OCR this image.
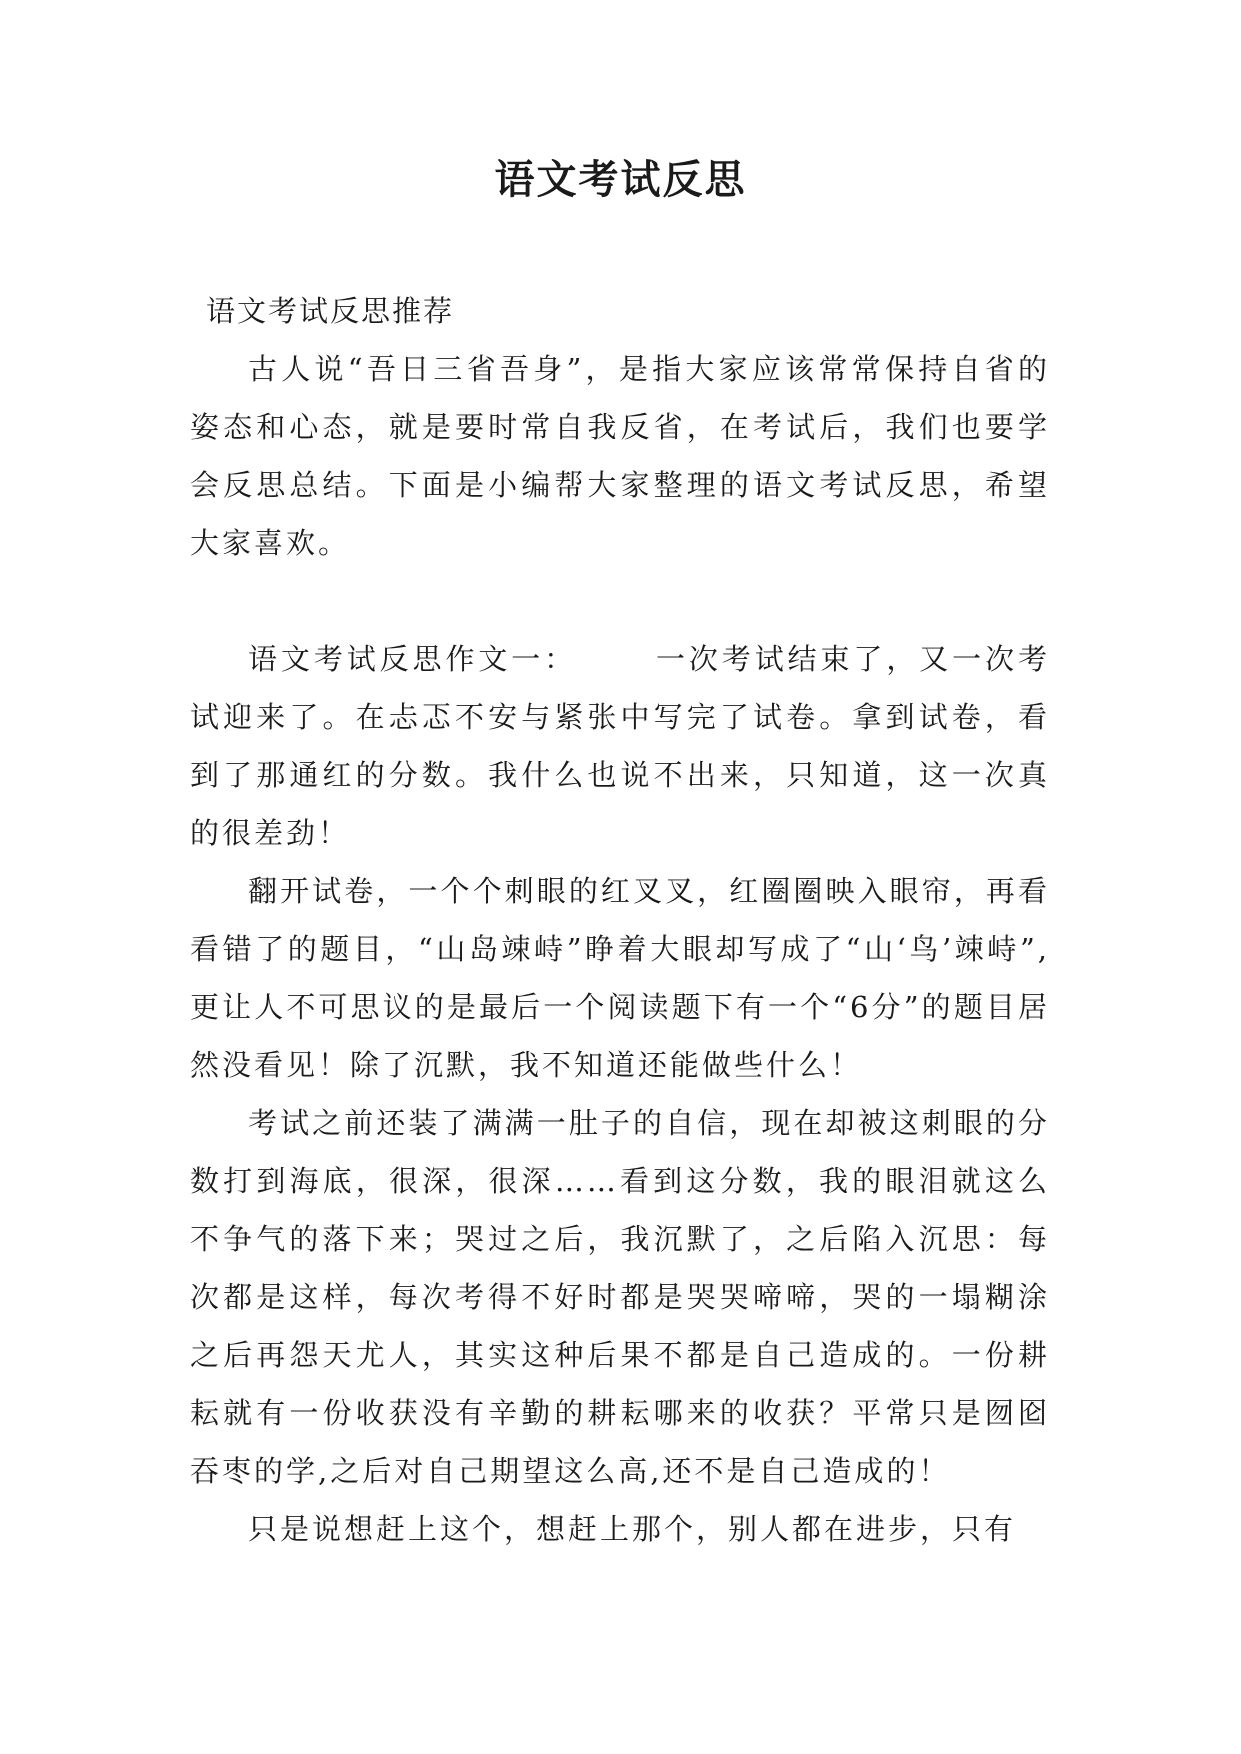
语文考试反思

语文考试反思推荐

古人说“吾日三省吾身”，是指大家应该常常保持自省的姿态和心态，就是要时常自我反省，在考试后，我们也要学会反思总结。下面是小编帮大家整理的语文考试反思，希望大家喜欢。

语文考试反思作文一：	一次考试结束了，又一次考试迎来了。在忐忑不安与紧张中写完了试卷。拿到试卷，看到了那通红的分数。我什么也说不出来，只知道，这一次真的很差劲！

翻开试卷，一个个刺眼的红叉叉，红圈圈映入眼帘，再看看错了的题目，“山岛竦峙”睁着大眼却写成了“山‘鸟’竦峙”,更让人不可思议的是最后一个阅读题下有一个“6分”的题目居然没看见！除了沉默，我不知道还能做些什么！

考试之前还装了满满一肚子的自信，现在却被这刺眼的分数打到海底，很深，很深……看到这分数，我的眼泪就这么不争气的落下来；哭过之后，我沉默了，之后陷入沉思：每次都是这样，每次考得不好时都是哭哭啼啼，哭的一塌糊涂之后再怨天尤人，其实这种后果不都是自己造成的。一份耕耘就有一份收获没有辛勤的耕耘哪来的收获？平常只是囫囵吞枣的学,之后对自己期望这么高,还不是自己造成的！

只是说想赶上这个，想赶上那个，别人都在进步，只有
